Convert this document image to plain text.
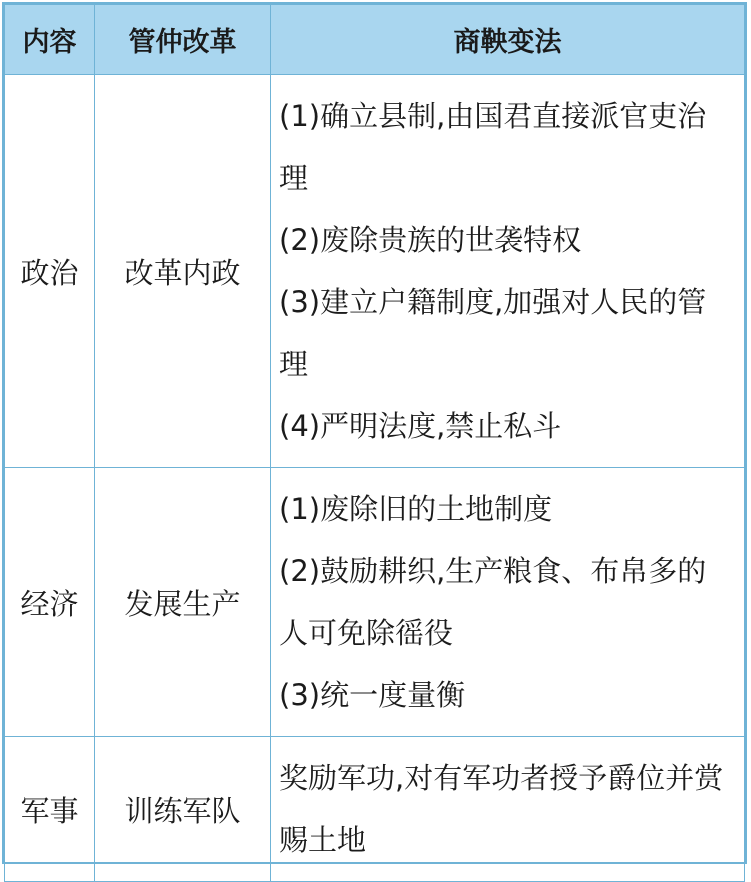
内容	管仲改革	商鞅变法
政治	改革内政	(1)确立县制,由国君直接派官吏治理
(2)废除贵族的世袭特权
(3)建立户籍制度,加强对人民的管理
(4)严明法度,禁止私斗

经济	发展生产	(1)废除旧的土地制度
(2)鼓励耕织,生产粮食、布帛多的人可免除徭役
(3)统一度量衡

军事	训练军队	奖励军功,对有军功者授予爵位并赏赐土地
